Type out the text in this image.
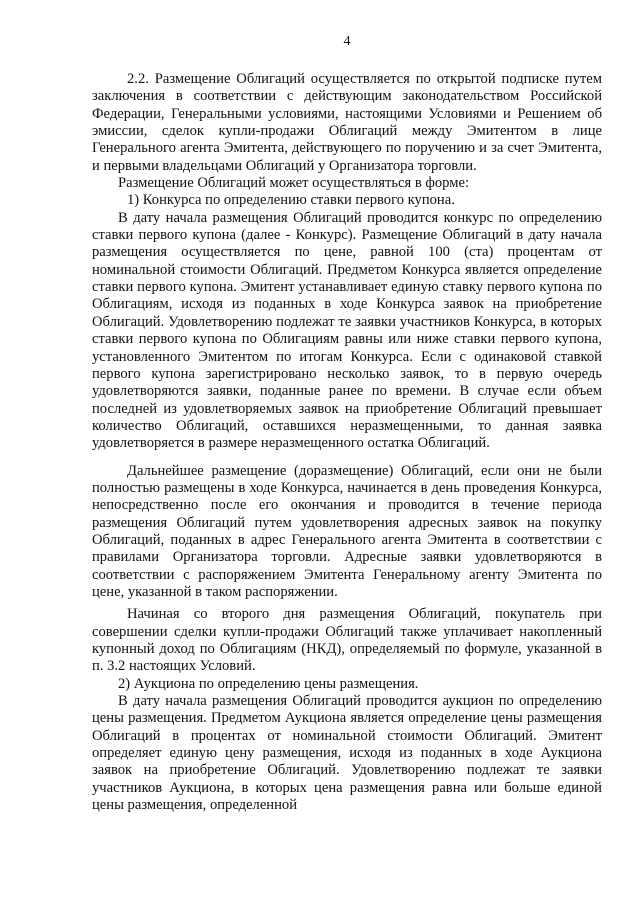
4

2.2. Размещение Облигаций осуществляется по открытой подписке путем заключения в соответствии с действующим законодательством Российской Федерации, Генеральными условиями, настоящими Условиями и Решением об эмиссии, сделок купли-продажи Облигаций между Эмитентом в лице Генерального агента Эмитента, действующего по поручению и за счет Эмитента, и первыми владельцами Облигаций у Организатора торговли.

Размещение Облигаций может осуществляться в форме:

1) Конкурса по определению ставки первого купона.

В дату начала размещения Облигаций проводится конкурс по определению ставки первого купона (далее - Конкурс). Размещение Облигаций в дату начала размещения осуществляется по цене, равной 100 (ста) процентам от номинальной стоимости Облигаций. Предметом Конкурса является определение ставки первого купона. Эмитент устанавливает единую ставку первого купона по Облигациям, исходя из поданных в ходе Конкурса заявок на приобретение Облигаций. Удовлетворению подлежат те заявки участников Конкурса, в которых ставки первого купона по Облигациям равны или ниже ставки первого купона, установленного Эмитентом по итогам Конкурса. Если с одинаковой ставкой первого купона зарегистрировано несколько заявок, то в первую очередь удовлетворяются заявки, поданные ранее по времени. В случае если объем последней из удовлетворяемых заявок на приобретение Облигаций превышает количество Облигаций, оставшихся неразмещенными, то данная заявка удовлетворяется в размере неразмещенного остатка Облигаций.

Дальнейшее размещение (доразмещение) Облигаций, если они не были полностью размещены в ходе Конкурса, начинается в день проведения Конкурса, непосредственно после его окончания и проводится в течение периода размещения Облигаций путем удовлетворения адресных заявок на покупку Облигаций, поданных в адрес Генерального агента Эмитента в соответствии с правилами Организатора торговли. Адресные заявки удовлетворяются в соответствии с распоряжением Эмитента Генеральному агенту Эмитента по цене, указанной в таком распоряжении.

Начиная со второго дня размещения Облигаций, покупатель при совершении сделки купли-продажи Облигаций также уплачивает накопленный купонный доход по Облигациям (НКД), определяемый по формуле, указанной в п. 3.2 настоящих Условий.

2) Аукциона по определению цены размещения.

В дату начала размещения Облигаций проводится аукцион по определению цены размещения. Предметом Аукциона является определение цены размещения Облигаций в процентах от номинальной стоимости Облигаций. Эмитент определяет единую цену размещения, исходя из поданных в ходе Аукциона заявок на приобретение Облигаций. Удовлетворению подлежат те заявки участников Аукциона, в которых цена размещения равна или больше единой цены размещения, определенной
